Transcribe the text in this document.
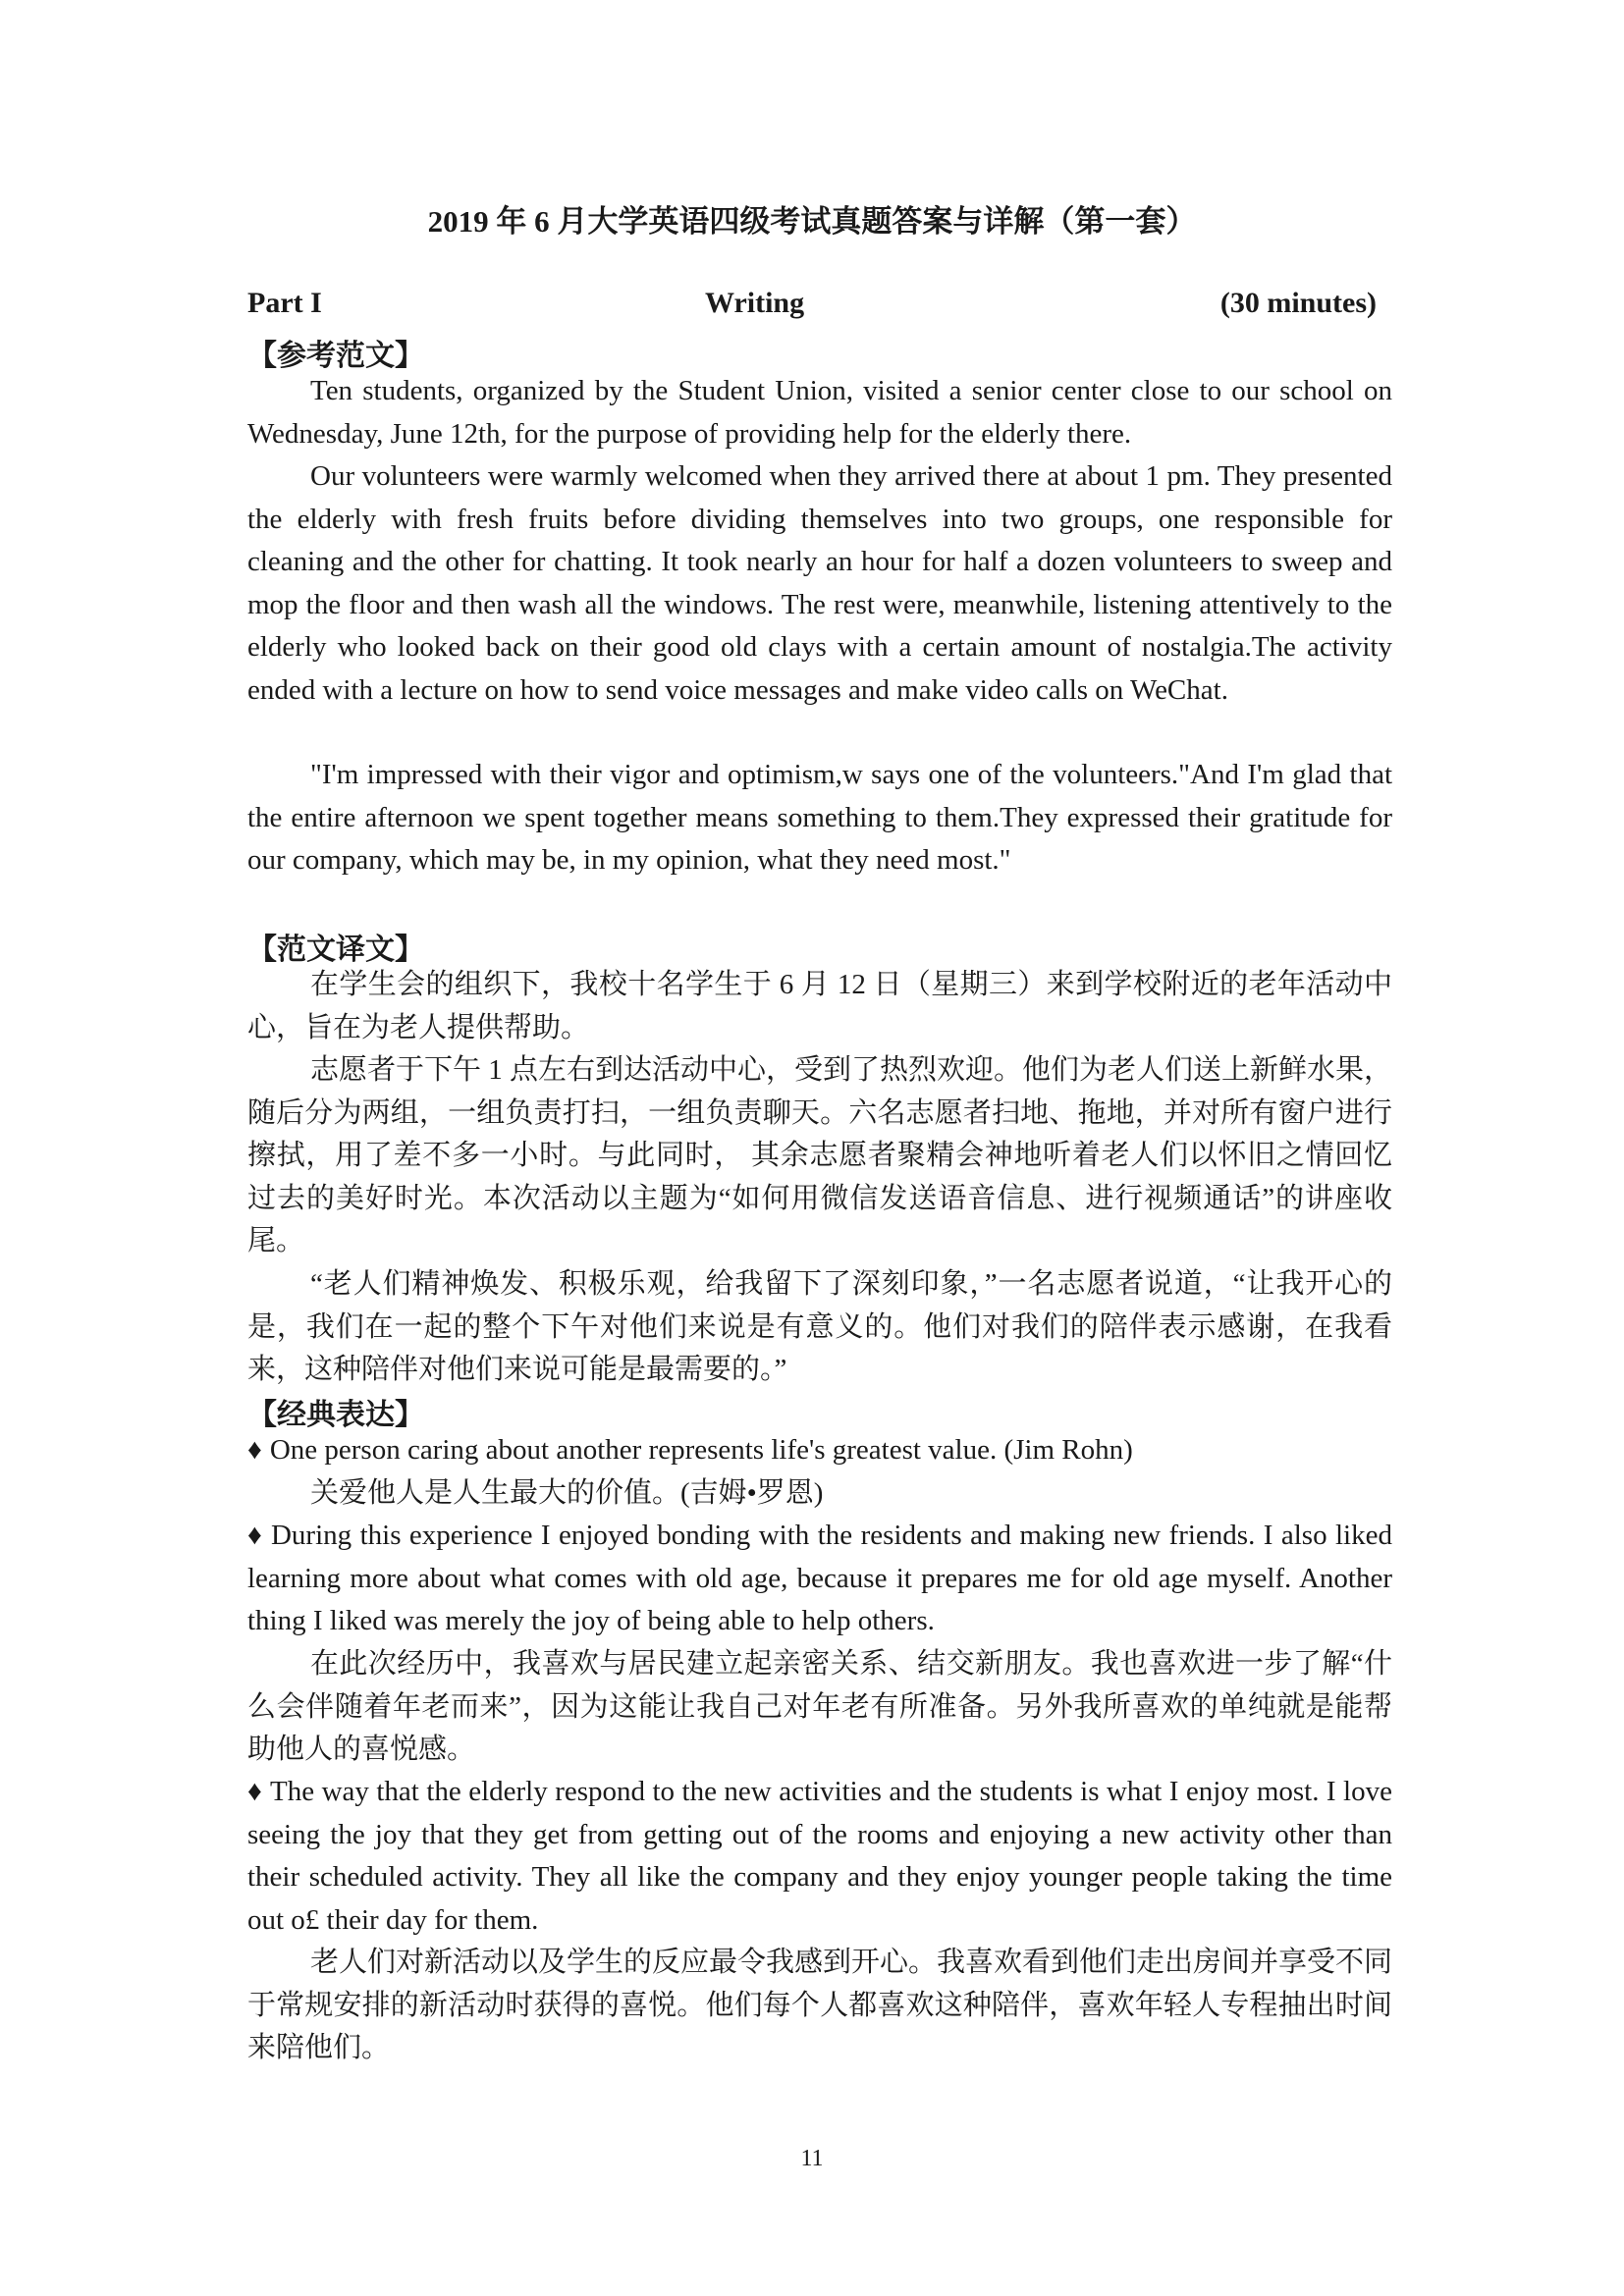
2019 年 6 月大学英语四级考试真题答案与详解（第一套）
Part I	Writing	(30 minutes)
【参考范文】

Ten students, organized by the Student Union, visited a senior center close to our school on Wednesday, June 12th, for the purpose of providing help for the elderly there.

Our volunteers were warmly welcomed when they arrived there at about 1 pm. They presented the elderly with fresh fruits before dividing themselves into two groups, one responsible for cleaning and the other for chatting. It took nearly an hour for half a dozen volunteers to sweep and mop the floor and then wash all the windows. The rest were, meanwhile, listening attentively to the elderly who looked back on their good old clays with a certain amount of nostalgia.The activity ended with a lecture on how to send voice messages and make video calls on WeChat.

"I'm impressed with their vigor and optimism,w says one of the volunteers."And I'm glad that the entire afternoon we spent together means something to them.They expressed their gratitude for our company, which may be, in my opinion, what they need most."

【范文译文】

在学生会的组织下，我校十名学生于 6 月 12 日（星期三）来到学校附近的老年活动中心，旨在为老人提供帮助。

志愿者于下午 1 点左右到达活动中心，受到了热烈欢迎。他们为老人们送上新鲜水果，随后分为两组，一组负责打扫，一组负责聊天。六名志愿者扫地、拖地，并对所有窗户进行擦拭，用了差不多一小时。与此同时， 其余志愿者聚精会神地听着老人们以怀旧之情回忆过去的美好时光。本次活动以主题为“如何用微信发送语音信息、进行视频通话”的讲座收尾。

“老人们精神焕发、积极乐观，给我留下了深刻印象，”一名志愿者说道，“让我开心的是，我们在一起的整个下午对他们来说是有意义的。他们对我们的陪伴表示感谢，在我看来，这种陪伴对他们来说可能是最需要的。”

【经典表达】

♦ One person caring about another represents life's greatest value. (Jim Rohn)

关爱他人是人生最大的价值。(吉姆•罗恩)

♦ During this experience I enjoyed bonding with the residents and making new friends. I also liked learning more about what comes with old age, because it prepares me for old age myself. Another thing I liked was merely the joy of being able to help others.

在此次经历中，我喜欢与居民建立起亲密关系、结交新朋友。我也喜欢进一步了解“什么会伴随着年老而来”，因为这能让我自己对年老有所准备。另外我所喜欢的单纯就是能帮助他人的喜悦感。

♦ The way that the elderly respond to the new activities and the students is what I enjoy most. I love seeing the joy that they get from getting out of the rooms and enjoying a new activity other than their scheduled activity. They all like the company and they enjoy younger people taking the time out o£ their day for them.

老人们对新活动以及学生的反应最令我感到开心。我喜欢看到他们走出房间并享受不同于常规安排的新活动时获得的喜悦。他们每个人都喜欢这种陪伴，喜欢年轻人专程抽出时间来陪他们。

11
